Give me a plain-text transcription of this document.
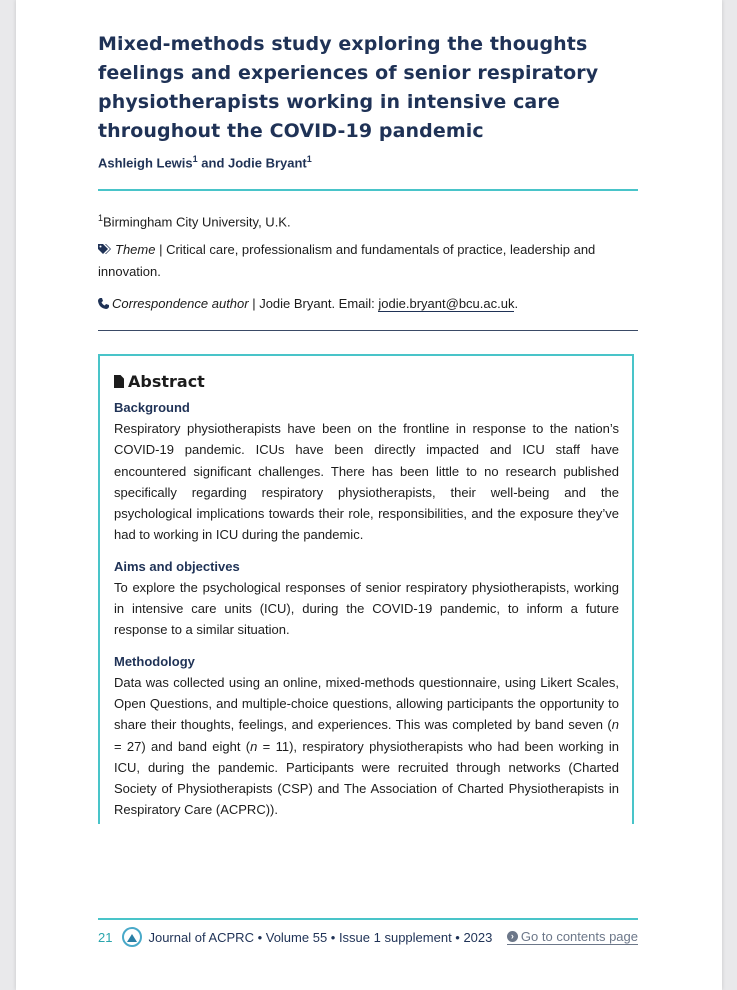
Mixed-methods study exploring the thoughts feelings and experiences of senior respiratory physiotherapists working in intensive care throughout the COVID-19 pandemic
Ashleigh Lewis$^1$ and Jodie Bryant$^1$
$^1$Birmingham City University, U.K.
Theme | Critical care, professionalism and fundamentals of practice, leadership and innovation.
Correspondence author | Jodie Bryant. Email: jodie.bryant@bcu.ac.uk.
Abstract

Background

Respiratory physiotherapists have been on the frontline in response to the nation’s COVID-19 pandemic. ICUs have been directly impacted and ICU staff have encountered significant challenges. There has been little to no research published specifically regarding respiratory physiotherapists, their well-being and the psychological implications towards their role, responsibilities, and the exposure they’ve had to working in ICU during the pandemic.

Aims and objectives

To explore the psychological responses of senior respiratory physiotherapists, working in intensive care units (ICU), during the COVID-19 pandemic, to inform a future response to a similar situation.

Methodology

Data was collected using an online, mixed-methods questionnaire, using Likert Scales, Open Questions, and multiple-choice questions, allowing participants the opportunity to share their thoughts, feelings, and experiences. This was completed by band seven (n = 27) and band eight (n = 11), respiratory physiotherapists who had been working in ICU, during the pandemic. Participants were recruited through networks (Charted Society of Physiotherapists (CSP) and The Association of Charted Physiotherapists in Respiratory Care (ACPRC)).

21	Journal of ACPRC • Volume 55 • Issue 1 supplement • 2023	› Go to contents page
